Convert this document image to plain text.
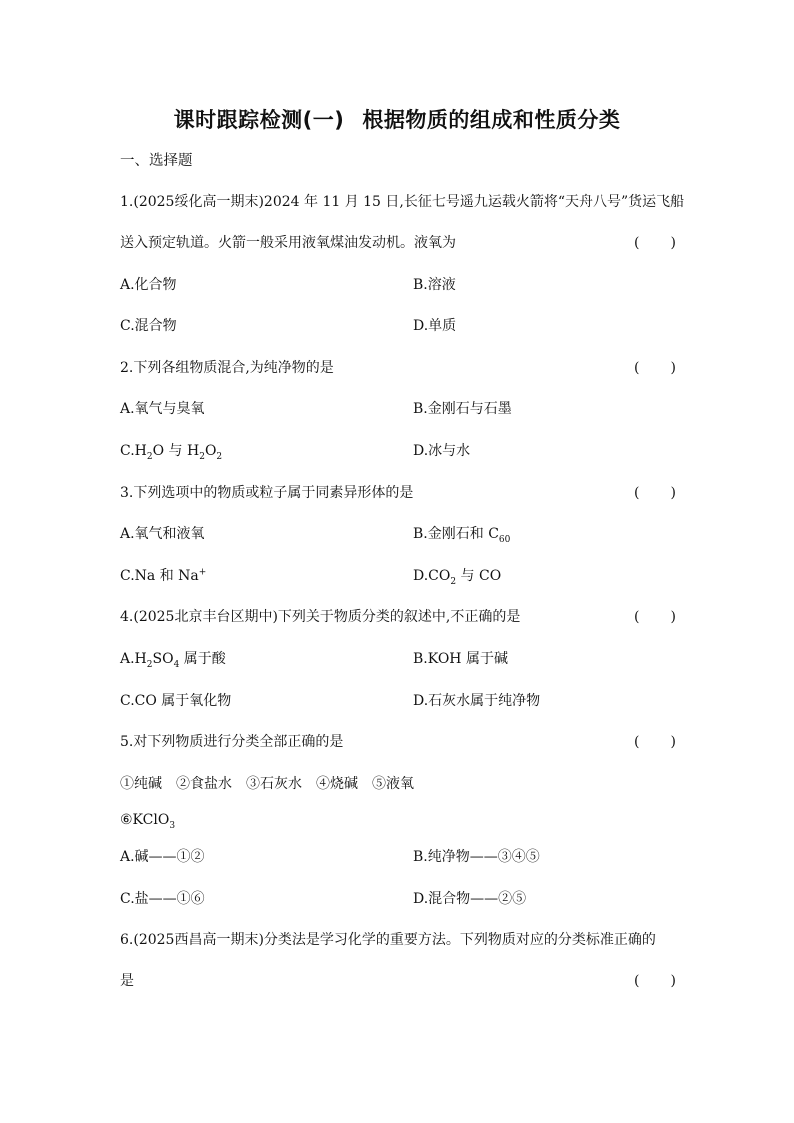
课时跟踪检测(一) 根据物质的组成和性质分类
一、选择题
1.(2025绥化高一期末)2024 年 11 月 15 日,长征七号遥九运载火箭将“天舟八号”货运飞船
送入预定轨道。火箭一般采用液氧煤油发动机。液氧为	( )
A.化合物	B.溶液
C.混合物	D.单质
2.下列各组物质混合,为纯净物的是	( )
A.氧气与臭氧	B.金刚石与石墨
$C.H_2O$ 与 $H_2O_2$	D.冰与水
3.下列选项中的物质或粒子属于同素异形体的是	( )
A.氧气和液氧	B.金刚石和 $C_{60}$
C.Na 和 Na+	$D.CO_2$ 与 CO
4.(2025北京丰台区期中)下列关于物质分类的叙述中,不正确的是	( )
$A.H_2SO_4$ 属于酸	B.KOH 属于碱
C.CO 属于氧化物	D.石灰水属于纯净物
5.对下列物质进行分类全部正确的是	( )
①纯碱　②食盐水　③石灰水　④烧碱　⑤液氧
⑥KClO$_3$
A.碱——①②	B.纯净物——③④⑤
C.盐——①⑥	D.混合物——②⑤
6.(2025西昌高一期末)分类法是学习化学的重要方法。下列物质对应的分类标准正确的
是	( )
